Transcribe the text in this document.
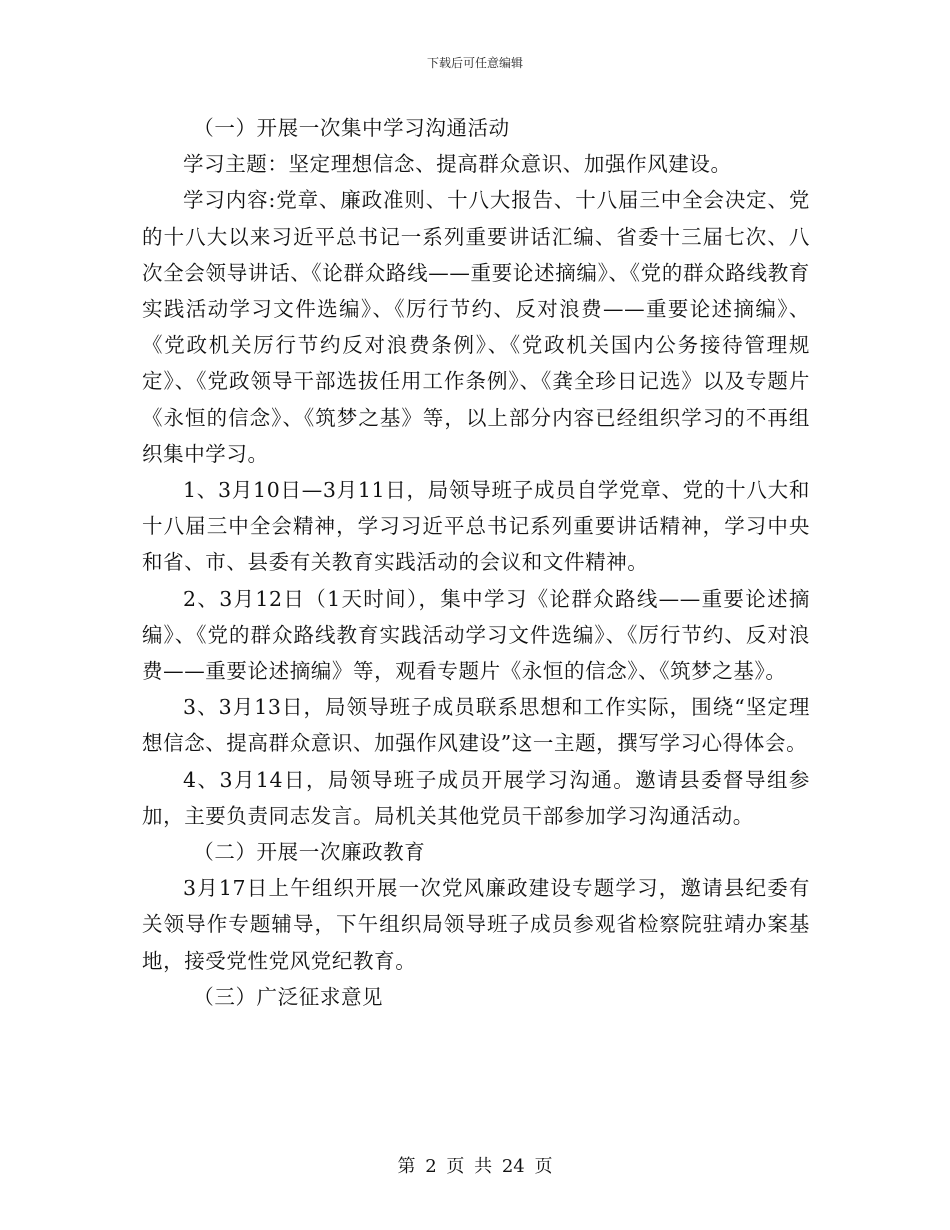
下载后可任意编辑

（一）开展一次集中学习沟通活动

学习主题：坚定理想信念、提高群众意识、加强作风建设。

学习内容:党章、廉政准则、十八大报告、十八届三中全会决定、党的十八大以来习近平总书记一系列重要讲话汇编、省委十三届七次、八次全会领导讲话、《论群众路线——重要论述摘编》、《党的群众路线教育实践活动学习文件选编》、《厉行节约、反对浪费——重要论述摘编》、《党政机关厉行节约反对浪费条例》、《党政机关国内公务接待管理规定》、《党政领导干部选拔任用工作条例》、《龚全珍日记选》以及专题片《永恒的信念》、《筑梦之基》等，以上部分内容已经组织学习的不再组织集中学习。

1、3月10日—3月11日，局领导班子成员自学党章、党的十八大和十八届三中全会精神，学习习近平总书记系列重要讲话精神，学习中央和省、市、县委有关教育实践活动的会议和文件精神。

2、3月12日（1天时间），集中学习《论群众路线——重要论述摘编》、《党的群众路线教育实践活动学习文件选编》、《厉行节约、反对浪费——重要论述摘编》等，观看专题片《永恒的信念》、《筑梦之基》。

3、3月13日，局领导班子成员联系思想和工作实际，围绕“坚定理想信念、提高群众意识、加强作风建设”这一主题，撰写学习心得体会。

4、3月14日，局领导班子成员开展学习沟通。邀请县委督导组参加，主要负责同志发言。局机关其他党员干部参加学习沟通活动。

（二）开展一次廉政教育

3月17日上午组织开展一次党风廉政建设专题学习，邀请县纪委有关领导作专题辅导，下午组织局领导班子成员参观省检察院驻靖办案基地，接受党性党风党纪教育。

（三）广泛征求意见

第 2 页 共 24 页
